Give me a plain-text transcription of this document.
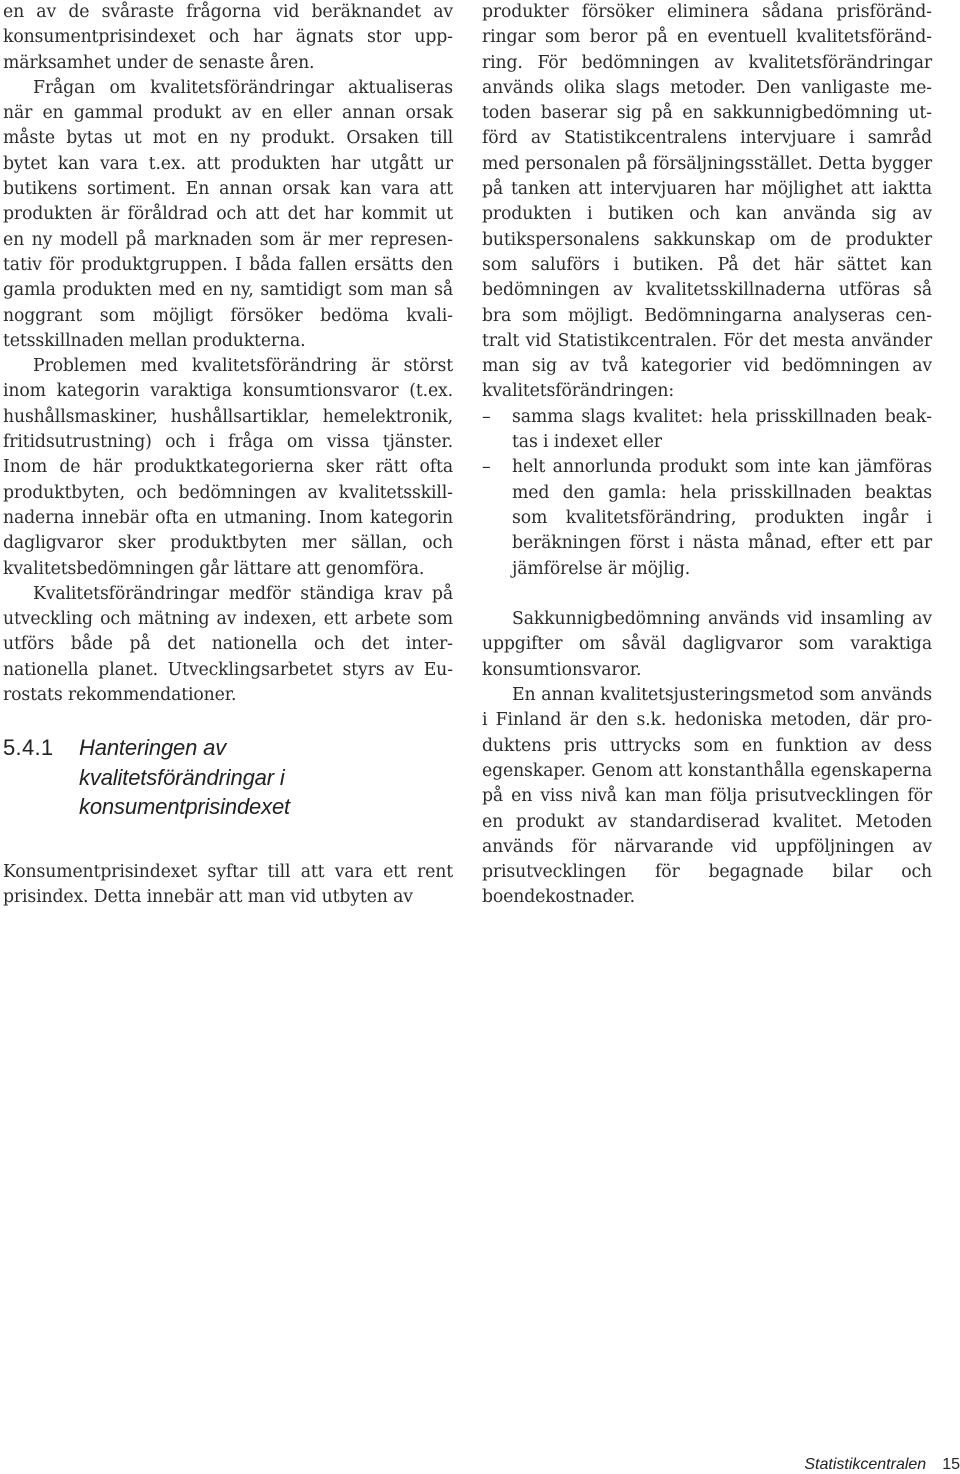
en av de svåraste frågorna vid beräknandet av konsumentprisindexet och har ägnats stor uppmärksamhet under de senaste åren.

Frågan om kvalitetsförändringar aktualiseras när en gammal produkt av en eller annan orsak måste bytas ut mot en ny produkt. Orsaken till bytet kan vara t.ex. att produkten har utgått ur butikens sortiment. En annan orsak kan vara att produkten är föråldrad och att det har kommit ut en ny modell på marknaden som är mer representativ för produktgruppen. I båda fallen ersätts den gamla produkten med en ny, samtidigt som man så noggrant som möjligt försöker bedöma kvalitetsskillnaden mellan produkterna.

Problemen med kvalitetsförändring är störst inom kategorin varaktiga konsumtionsvaror (t.ex. hushållsmaskiner, hushållsartiklar, hemelektronik, fritidsutrustning) och i fråga om vissa tjänster. Inom de här produktkategorierna sker rätt ofta produktbyten, och bedömningen av kvalitetsskillnaderna innebär ofta en utmaning. Inom kategorin dagligvaror sker produktbyten mer sällan, och kvalitetsbedömningen går lättare att genomföra.

Kvalitetsförändringar medför ständiga krav på utveckling och mätning av indexen, ett arbete som utförs både på det nationella och det internationella planet. Utvecklingsarbetet styrs av Eurostats rekommendationer.

5.4.1	Hanteringen av kvalitetsförändringar i konsumentprisindexet

Konsumentprisindexet syftar till att vara ett rent prisindex. Detta innebär att man vid utbyten av

produkter försöker eliminera sådana prisförändringar som beror på en eventuell kvalitetsförändring. För bedömningen av kvalitetsförändringar används olika slags metoder. Den vanligaste metoden baserar sig på en sakkunnigbedömning utförd av Statistikcentralens intervjuare i samråd med personalen på försäljningsstället. Detta bygger på tanken att intervjuaren har möjlighet att iaktta produkten i butiken och kan använda sig av butikspersonalens sakkunskap om de produkter som saluförs i butiken. På det här sättet kan bedömningen av kvalitetsskillnaderna utföras så bra som möjligt. Bedömningarna analyseras centralt vid Statistikcentralen. För det mesta använder man sig av två kategorier vid bedömningen av kvalitetsförändringen:

–	samma slags kvalitet: hela prisskillnaden beaktas i indexet eller
–	helt annorlunda produkt som inte kan jämföras med den gamla: hela prisskillnaden beaktas som kvalitetsförändring, produkten ingår i beräkningen först i nästa månad, efter ett par jämförelse är möjlig.

Sakkunnigbedömning används vid insamling av uppgifter om såväl dagligvaror som varaktiga konsumtionsvaror.

En annan kvalitetsjusteringsmetod som används i Finland är den s.k. hedoniska metoden, där pro-duktens pris uttrycks som en funktion av dess egenskaper. Genom att konstanthålla egenskaperna på en viss nivå kan man följa prisutvecklingen för en produkt av standardiserad kvalitet. Metoden används för närvarande vid uppföljningen av prisutvecklingen för begagnade bilar och boendekostnader.

Statistikcentralen 15
